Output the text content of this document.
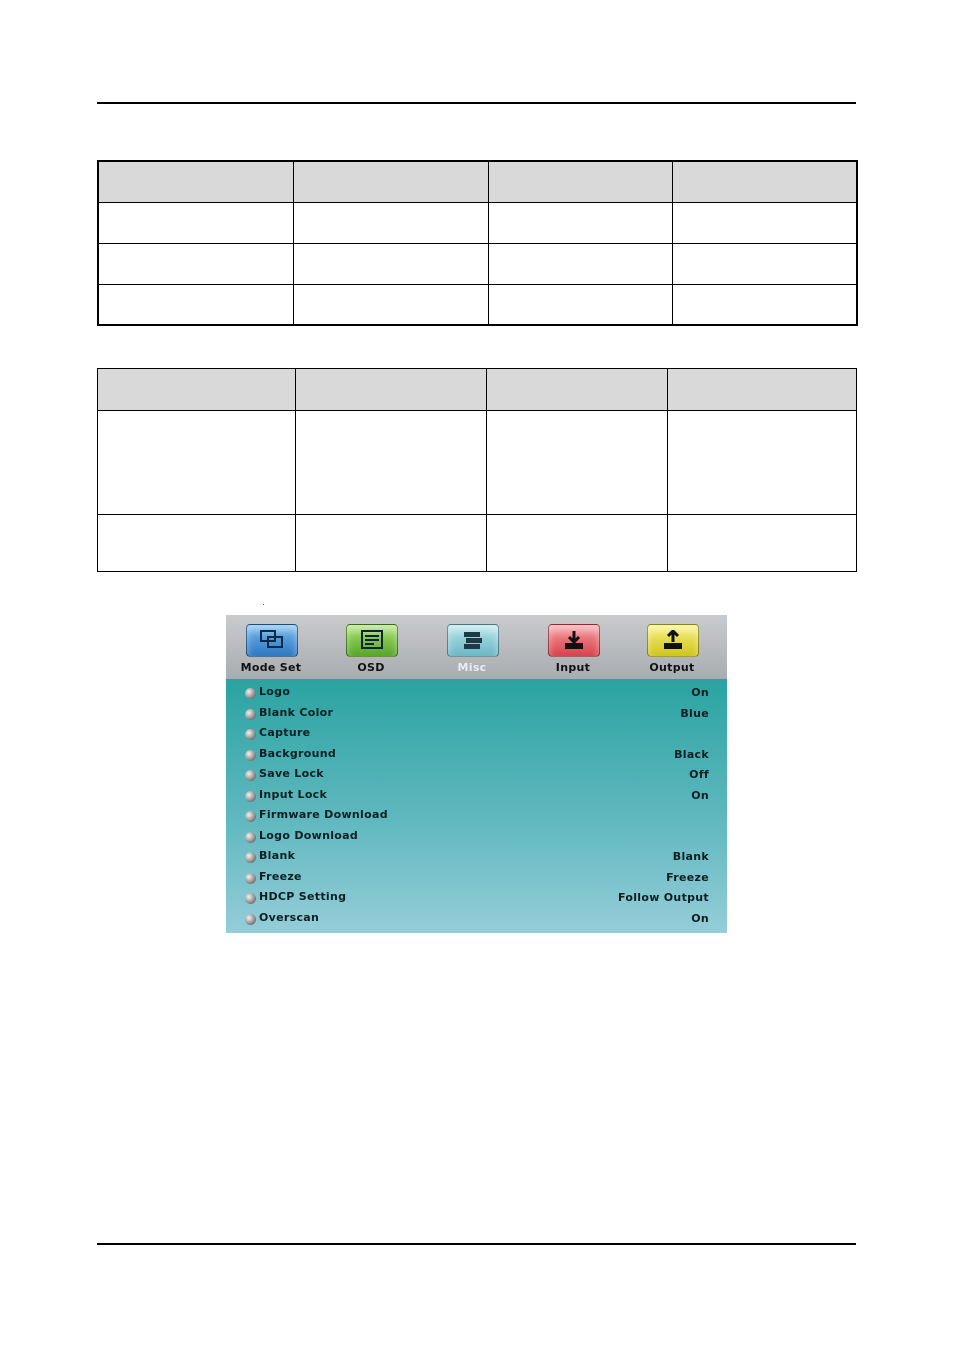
Mode Set	OSD	Misc	Input	Output
Logo	On
Blank Color	Blue
Capture
Background	Black
Save Lock	Off
Input Lock	On
Firmware Download
Logo Download
Blank	Blank
Freeze	Freeze
HDCP Setting	Follow Output
Overscan	On
